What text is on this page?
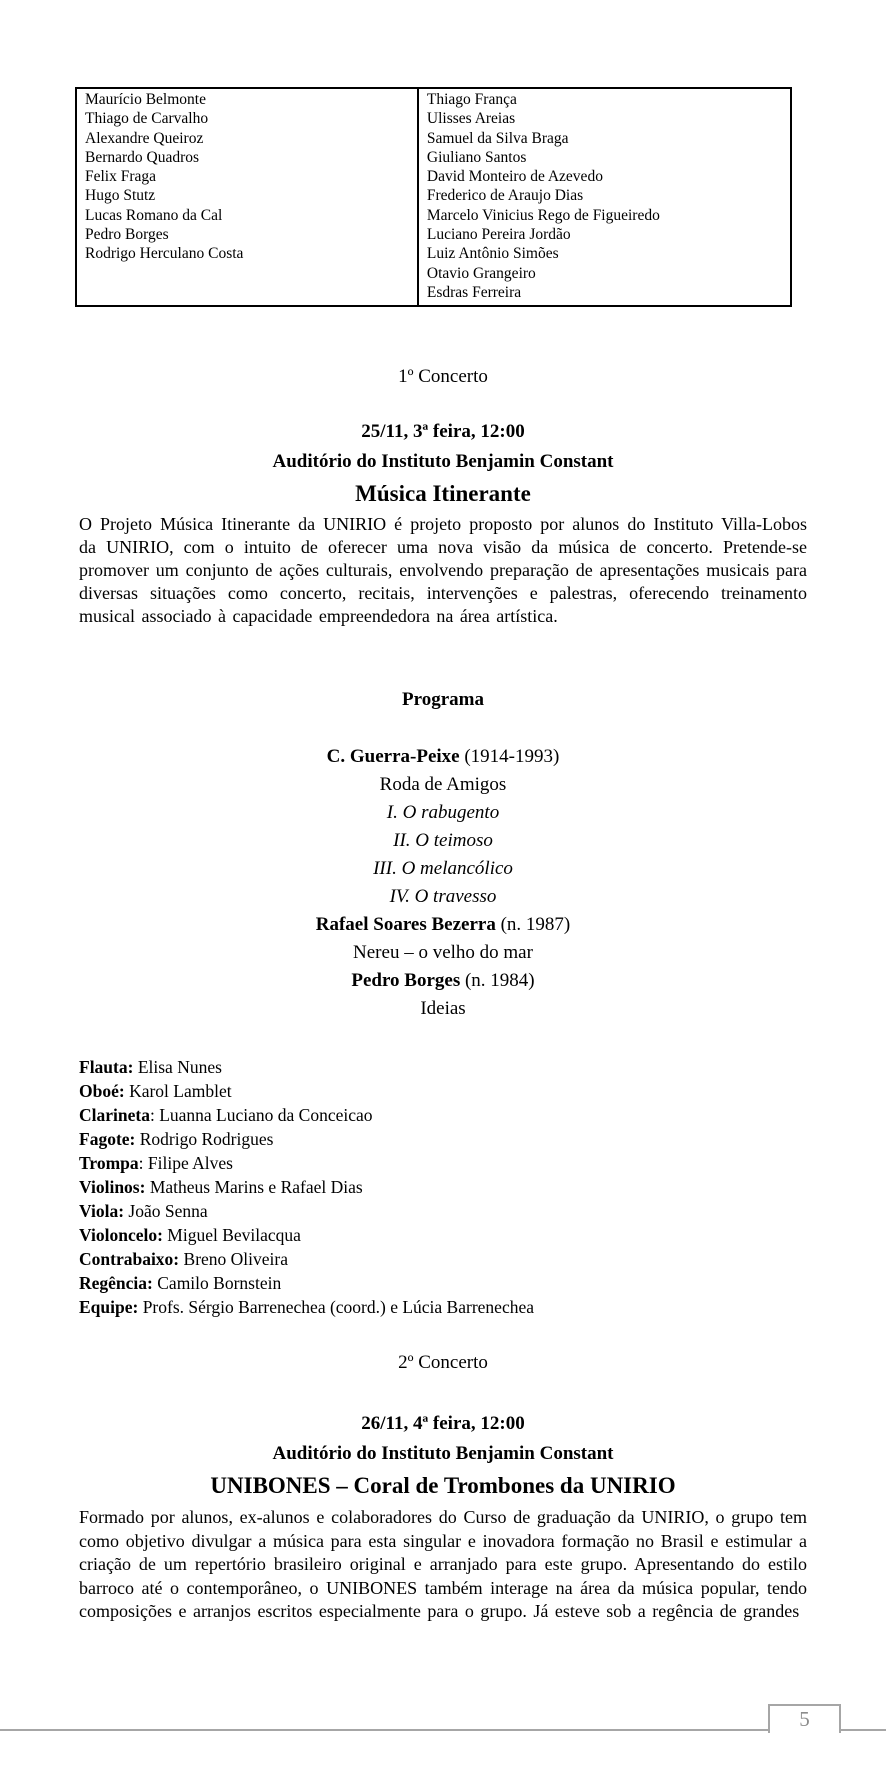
Maurício Belmonte
Thiago de Carvalho
Alexandre Queiroz
Bernardo Quadros
Felix Fraga
Hugo Stutz
Lucas Romano da Cal
Pedro Borges
Rodrigo Herculano Costa

Thiago França
Ulisses Areias
Samuel da Silva Braga
Giuliano Santos
David Monteiro de Azevedo
Frederico de Araujo Dias
Marcelo Vinicius Rego de Figueiredo
Luciano Pereira Jordão
Luiz Antônio Simões
Otavio Grangeiro
Esdras Ferreira
1º Concerto
25/11, 3ª feira, 12:00
Auditório do Instituto Benjamin Constant
Música Itinerante

O Projeto Música Itinerante da UNIRIO é projeto proposto por alunos do Instituto Villa-Lobos da UNIRIO, com o intuito de oferecer uma nova visão da música de concerto. Pretende-se promover um conjunto de ações culturais, envolvendo preparação de apresentações musicais para diversas situações como concerto, recitais, intervenções e palestras, oferecendo treinamento musical associado à capacidade empreendedora na área artística.

Programa
C. Guerra-Peixe (1914-1993)
Roda de Amigos
I. O rabugento
II. O teimoso
III. O melancólico
IV. O travesso
Rafael Soares Bezerra (n. 1987)
Nereu – o velho do mar
Pedro Borges (n. 1984)
Ideias
Flauta: Elisa Nunes
Oboé: Karol Lamblet
Clarineta: Luanna Luciano da Conceicao
Fagote: Rodrigo Rodrigues
Trompa: Filipe Alves
Violinos: Matheus Marins e Rafael Dias
Viola: João Senna
Violoncelo: Miguel Bevilacqua
Contrabaixo: Breno Oliveira
Regência: Camilo Bornstein
Equipe: Profs. Sérgio Barrenechea (coord.) e Lúcia Barrenechea
2º Concerto
26/11, 4ª feira, 12:00
Auditório do Instituto Benjamin Constant
UNIBONES – Coral de Trombones da UNIRIO

Formado por alunos, ex-alunos e colaboradores do Curso de graduação da UNIRIO, o grupo tem como objetivo divulgar a música para esta singular e inovadora formação no Brasil e estimular a criação de um repertório brasileiro original e arranjado para este grupo. Apresentando do estilo barroco até o contemporâneo, o UNIBONES também interage na área da música popular, tendo composições e arranjos escritos especialmente para o grupo. Já esteve sob a regência de grandes

5
